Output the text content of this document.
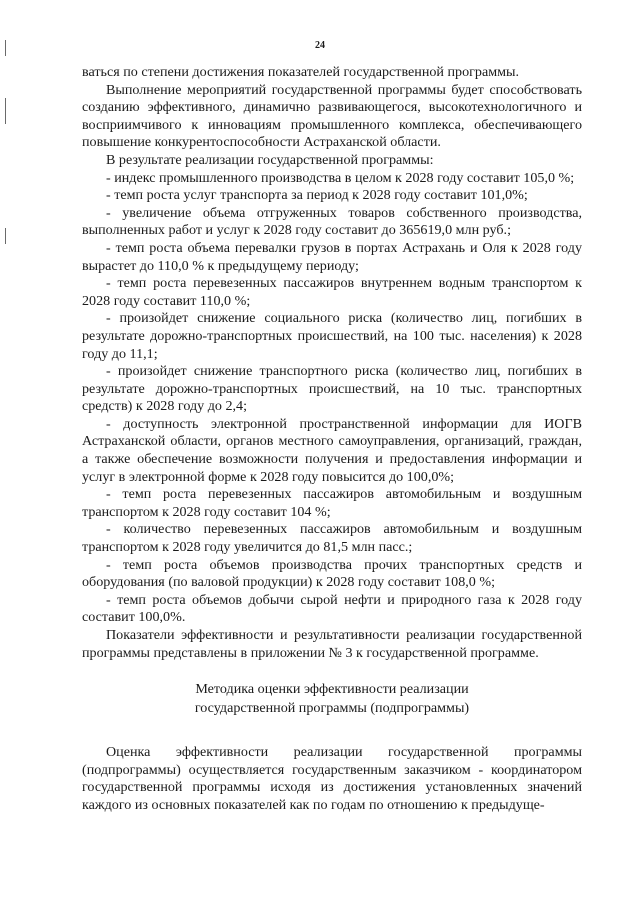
24

ваться по степени достижения показателей государственной программы.

Выполнение мероприятий государственной программы будет способствовать созданию эффективного, динамично развивающегося, высокотехнологичного и восприимчивого к инновациям промышленного комплекса, обеспечивающего повышение конкурентоспособности Астраханской области.

В результате реализации государственной программы:

- индекс промышленного производства в целом к 2028 году составит 105,0 %;

- темп роста услуг транспорта за период к 2028 году составит 101,0%;

- увеличение объема отгруженных товаров собственного производства, выполненных работ и услуг к 2028 году составит до 365619,0 млн руб.;

- темп роста объема перевалки грузов в портах Астрахань и Оля к 2028 году вырастет до 110,0 % к предыдущему периоду;

- темп роста перевезенных пассажиров внутреннем водным транспортом к 2028 году составит 110,0 %;

- произойдет снижение социального риска (количество лиц, погибших в результате дорожно-транспортных происшествий, на 100 тыс. населения) к 2028 году до 11,1;

- произойдет снижение транспортного риска (количество лиц, погибших в результате дорожно-транспортных происшествий, на 10 тыс. транспортных средств) к 2028 году до 2,4;

- доступность электронной пространственной информации для ИОГВ Астраханской области, органов местного самоуправления, организаций, граждан, а также обеспечение возможности получения и предоставления информации и услуг в электронной форме к 2028 году повысится до 100,0%;

- темп роста перевезенных пассажиров автомобильным и воздушным транспортом к 2028 году составит 104 %;

- количество перевезенных пассажиров автомобильным и воздушным транспортом к 2028 году увеличится до 81,5 млн пасс.;

- темп роста объемов производства прочих транспортных средств и оборудования (по валовой продукции) к 2028 году составит 108,0 %;

- темп роста объемов добычи сырой нефти и природного газа к 2028 году составит 100,0%.

Показатели эффективности и результативности реализации государственной программы представлены в приложении № 3 к государственной программе.

Методика оценки эффективности реализации
государственной программы (подпрограммы)

Оценка эффективности реализации государственной программы (подпрограммы) осуществляется государственным заказчиком - координатором государственной программы исходя из достижения установленных значений каждого из основных показателей как по годам по отношению к предыдуще-
